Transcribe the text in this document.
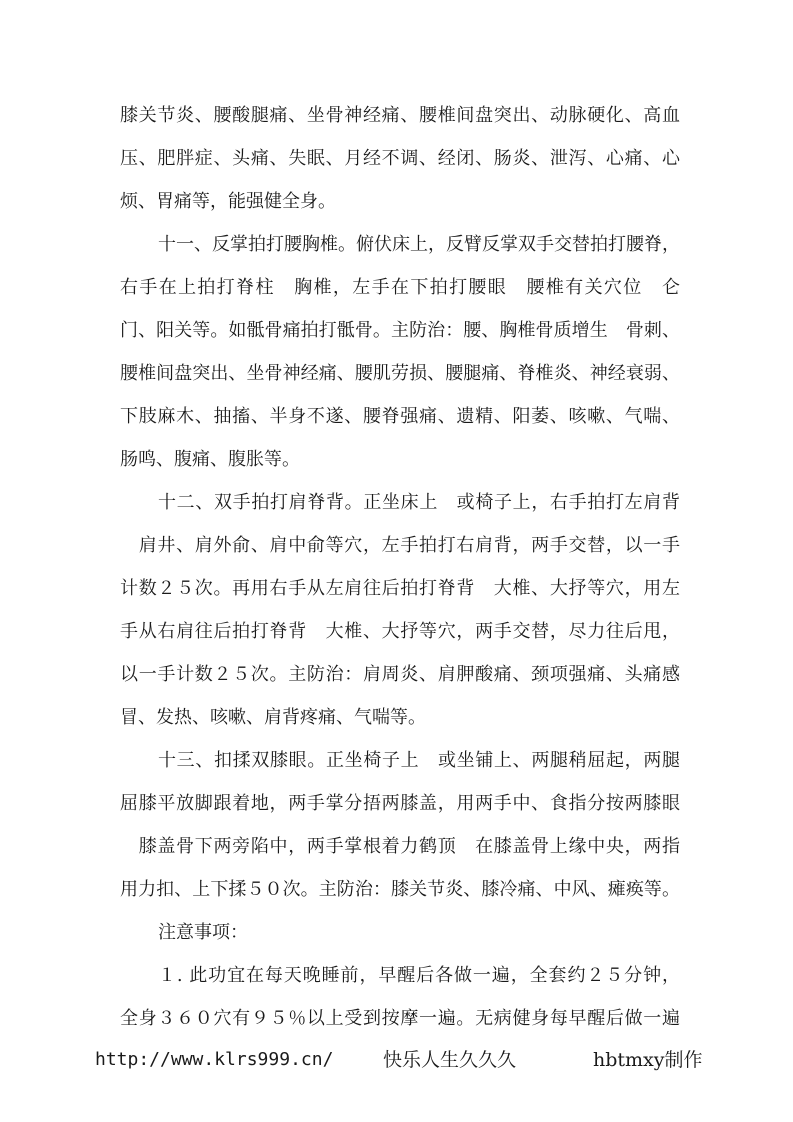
膝关节炎、腰酸腿痛、坐骨神经痛、腰椎间盘突出、动脉硬化、高血
压、肥胖症、头痛、失眠、月经不调、经闭、肠炎、泄泻、心痛、心
烦、胃痛等，能强健全身。
十一、反掌拍打腰胸椎。俯伏床上，反臂反掌双手交替拍打腰脊，
右手在上拍打脊柱　胸椎，左手在下拍打腰眼　腰椎有关穴位　仑
门、阳关等。如骶骨痛拍打骶骨。主防治：腰、胸椎骨质增生　骨刺、
腰椎间盘突出、坐骨神经痛、腰肌劳损、腰腿痛、脊椎炎、神经衰弱、
下肢麻木、抽搐、半身不遂、腰脊强痛、遗精、阳萎、咳嗽、气喘、
肠鸣、腹痛、腹胀等。
十二、双手拍打肩脊背。正坐床上　或椅子上，右手拍打左肩背
　肩井、肩外俞、肩中俞等穴，左手拍打右肩背，两手交替，以一手
计数２５次。再用右手从左肩往后拍打脊背　大椎、大抒等穴，用左
手从右肩往后拍打脊背　大椎、大抒等穴，两手交替，尽力往后甩，
以一手计数２５次。主防治：肩周炎、肩胛酸痛、颈项强痛、头痛感
冒、发热、咳嗽、肩背疼痛、气喘等。
十三、扣揉双膝眼。正坐椅子上　或坐铺上、两腿稍屈起，两腿
屈膝平放脚跟着地，两手掌分捂两膝盖，用两手中、食指分按两膝眼
　膝盖骨下两旁陷中，两手掌根着力鹤顶　在膝盖骨上缘中央，两指
用力扣、上下揉５０次。主防治：膝关节炎、膝冷痛、中风、瘫痪等。
注意事项：
１. 此功宜在每天晚睡前，早醒后各做一遍，全套约２５分钟，
全身３６０穴有９５％以上受到按摩一遍。无病健身每早醒后做一遍
http://www.klrs999.cn/	快乐人生久久久	hbtmxy制作
